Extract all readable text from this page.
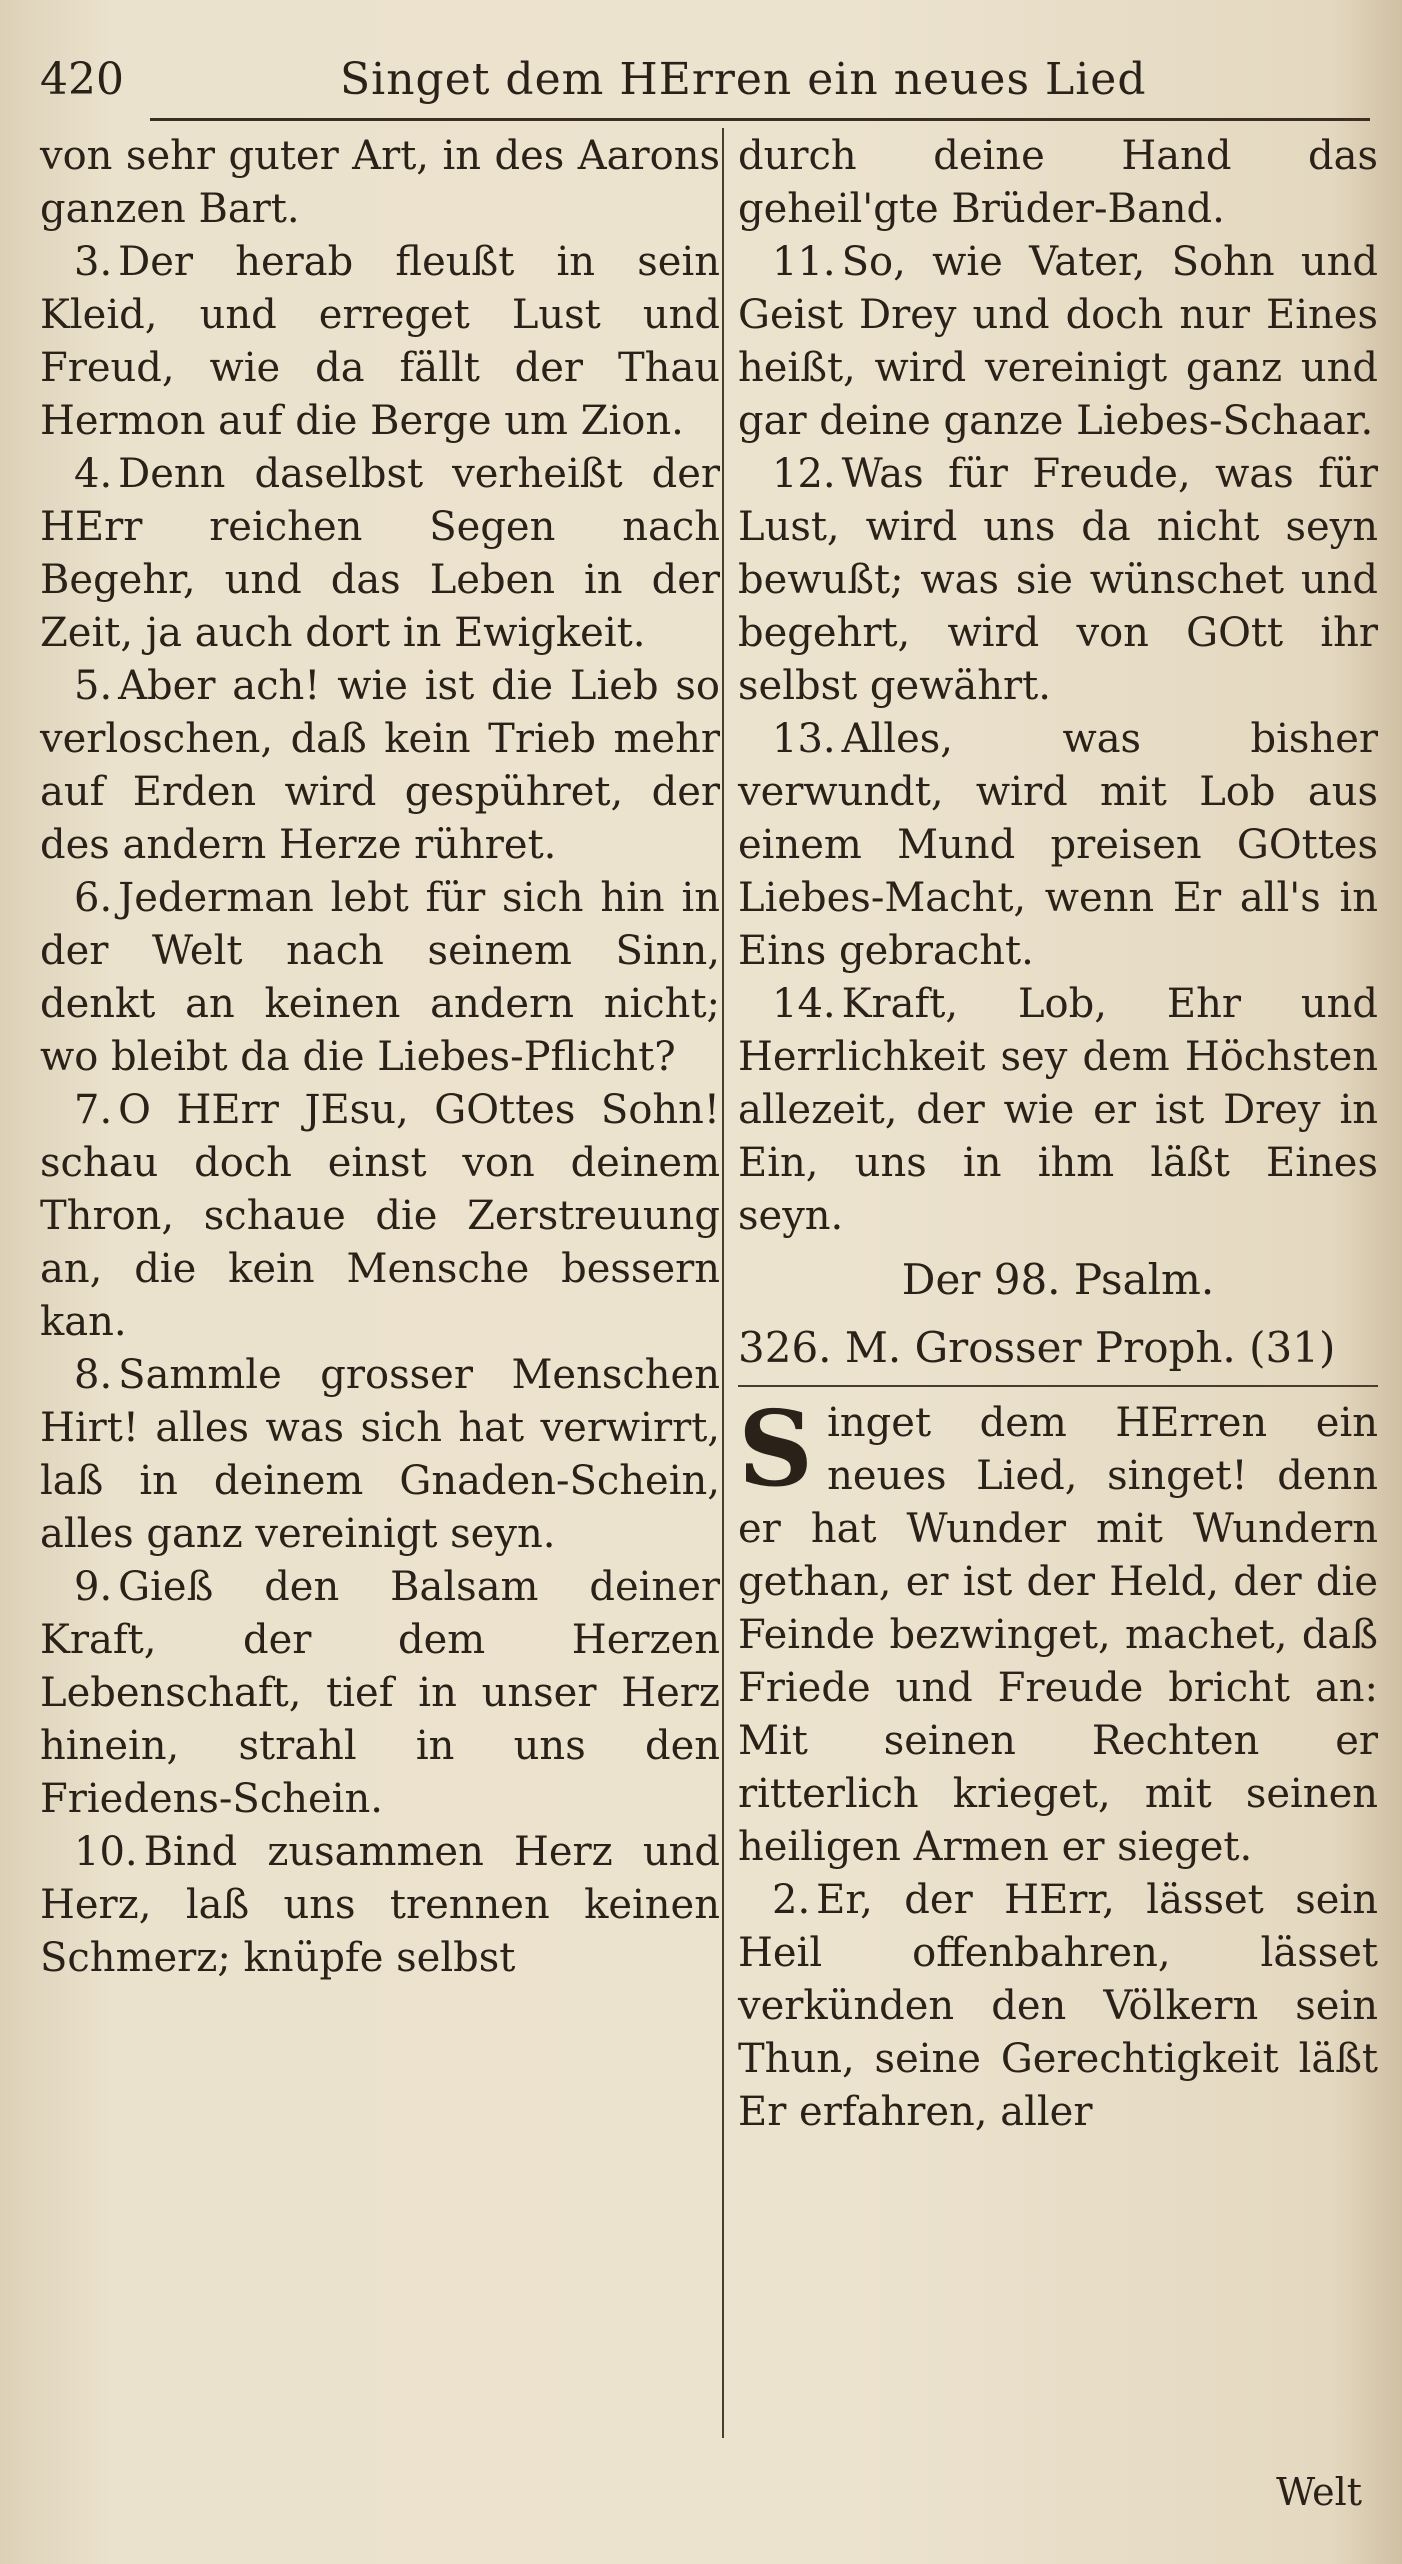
420	Singet dem HErren ein neues Lied

von sehr guter Art, in des Aarons ganzen Bart.

3. Der herab fleußt in sein Kleid, und erreget Lust und Freud, wie da fällt der Thau Hermon auf die Berge um Zion.

4. Denn daselbst verheißt der HErr reichen Segen nach Begehr, und das Leben in der Zeit, ja auch dort in Ewigkeit.

5. Aber ach! wie ist die Lieb so verloschen, daß kein Trieb mehr auf Erden wird gespühret, der des andern Herze rühret.

6. Jederman lebt für sich hin in der Welt nach seinem Sinn, denkt an keinen andern nicht; wo bleibt da die Liebes-Pflicht?

7. O HErr JEsu, GOttes Sohn! schau doch einst von deinem Thron, schaue die Zerstreuung an, die kein Mensche bessern kan.

8. Sammle grosser Menschen Hirt! alles was sich hat verwirrt, laß in deinem Gnaden-Schein, alles ganz vereinigt seyn.

9. Gieß den Balsam deiner Kraft, der dem Herzen Lebenschaft, tief in unser Herz hinein, strahl in uns den Friedens-Schein.

10. Bind zusammen Herz und Herz, laß uns trennen keinen Schmerz; knüpfe selbst

durch deine Hand das geheil'gte Brüder-Band.

11. So, wie Vater, Sohn und Geist Drey und doch nur Eines heißt, wird vereinigt ganz und gar deine ganze Liebes-Schaar.

12. Was für Freude, was für Lust, wird uns da nicht seyn bewußt; was sie wünschet und begehrt, wird von GOtt ihr selbst gewährt.

13. Alles, was bisher verwundt, wird mit Lob aus einem Mund preisen GOttes Liebes-Macht, wenn Er all's in Eins gebracht.

14. Kraft, Lob, Ehr und Herrlichkeit sey dem Höchsten allezeit, der wie er ist Drey in Ein, uns in ihm läßt Eines seyn.

Der 98. Psalm.
326. M. Grosser Proph. (31)

Singet dem HErren ein neues Lied, singet! denn er hat Wunder mit Wundern gethan, er ist der Held, der die Feinde bezwinget, machet, daß Friede und Freude bricht an: Mit seinen Rechten er ritterlich krieget, mit seinen heiligen Armen er sieget.

2. Er, der HErr, lässet sein Heil offenbahren, lässet verkünden den Völkern sein Thun, seine Gerechtigkeit läßt Er erfahren, aller

Welt
